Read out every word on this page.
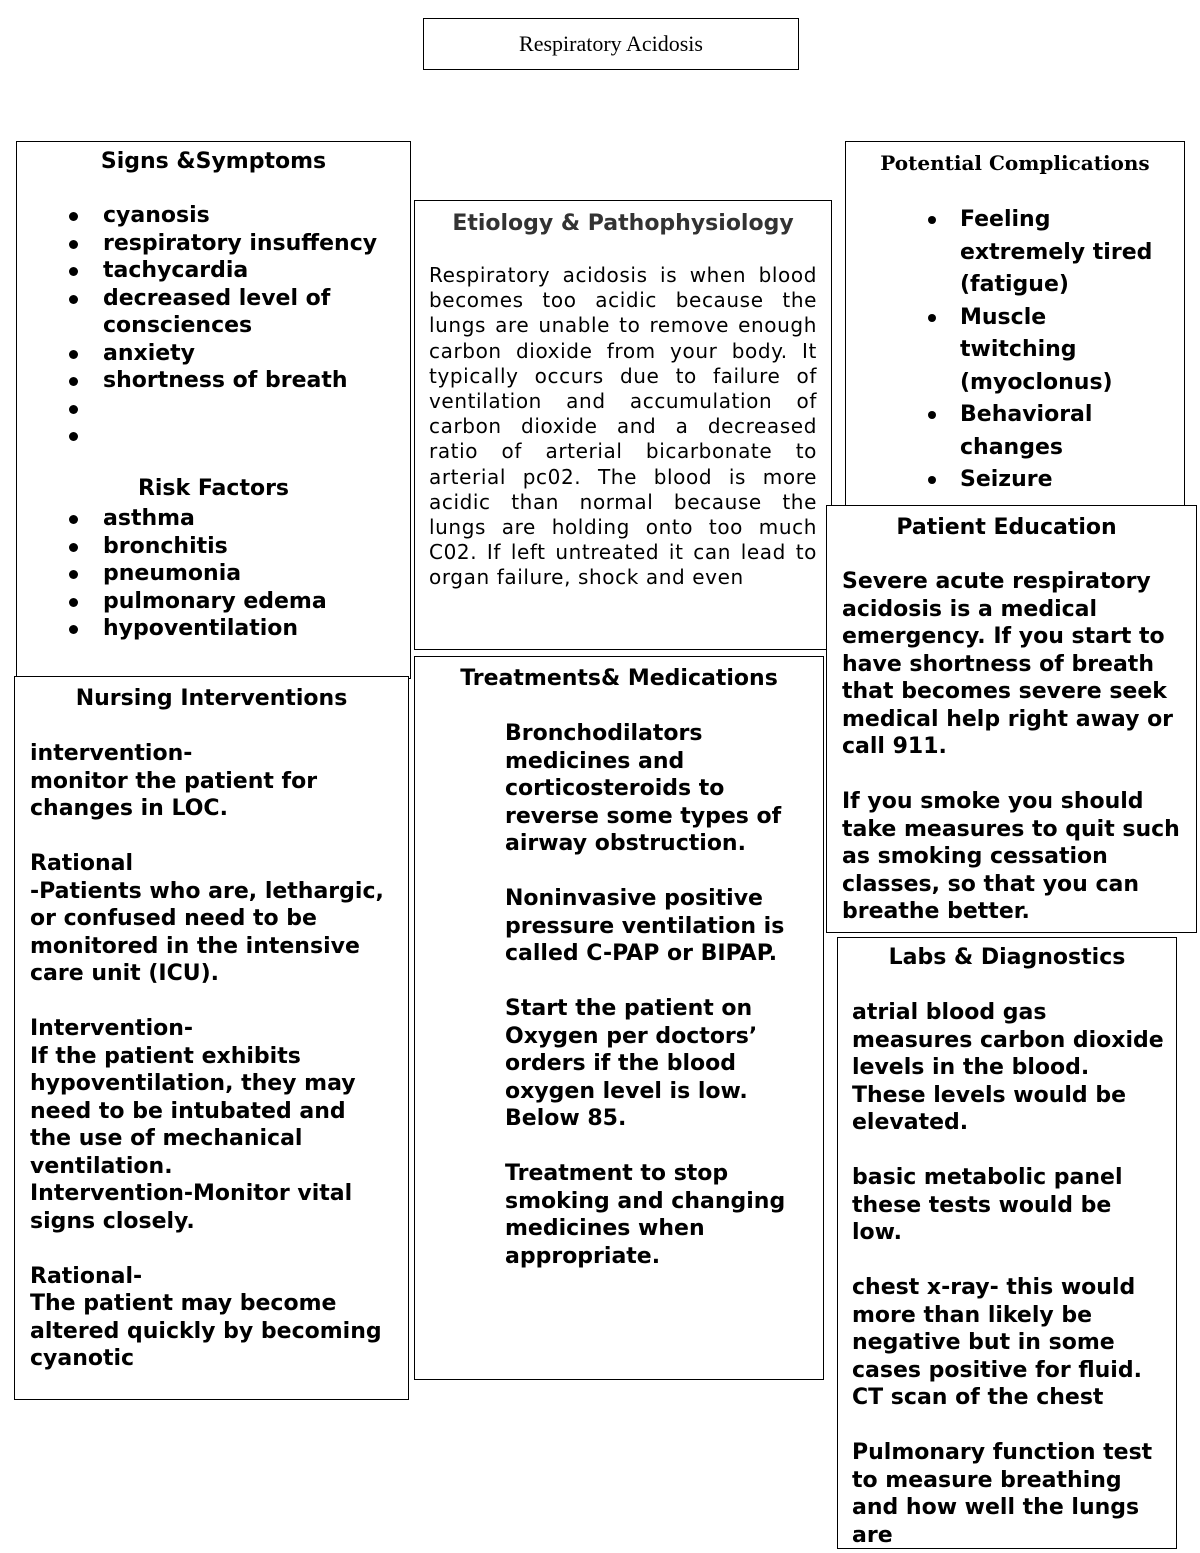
Respiratory Acidosis
Signs &Symptoms
cyanosis
respiratory insuffency
tachycardia
decreased level of consciences
anxiety
shortness of breath
Risk Factors
asthma
bronchitis
pneumonia
pulmonary edema
hypoventilation
Nursing Interventions

intervention-
monitor the patient for changes in LOC.

Rational
-Patients who are, lethargic, or confused need to be monitored in the intensive care unit (ICU).

Intervention-
If the patient exhibits hypoventilation, they may need to be intubated and the use of mechanical ventilation.
Intervention-Monitor vital signs closely.

Rational-
The patient may become altered quickly by becoming cyanotic

Etiology & Pathophysiology

Respiratory acidosis is when blood becomes too acidic because the lungs are unable to remove enough carbon dioxide from your body. It typically occurs due to failure of ventilation and accumulation of carbon dioxide and a decreased ratio of arterial bicarbonate to arterial pc02. The blood is more acidic than normal because the lungs are holding onto too much C02. If left untreated it can lead to organ failure, shock and even

Treatments& Medications

Bronchodilators medicines and corticosteroids to reverse some types of airway obstruction.

Noninvasive positive pressure ventilation is called C-PAP or BIPAP.

Start the patient on Oxygen per doctors’ orders if the blood oxygen level is low. Below 85.

Treatment to stop smoking and changing medicines when appropriate.

Potential Complications
Feeling extremely tired (fatigue)
Muscle twitching (myoclonus)
Behavioral changes
Seizure
Patient Education

Severe acute respiratory acidosis is a medical emergency. If you start to have shortness of breath that becomes severe seek medical help right away or call 911.

If you smoke you should take measures to quit such as smoking cessation classes, so that you can breathe better.

Labs & Diagnostics

atrial blood gas measures carbon dioxide levels in the blood. These levels would be elevated.

basic metabolic panel these tests would be low.

chest x-ray- this would more than likely be negative but in some cases positive for fluid.
CT scan of the chest

Pulmonary function test to measure breathing and how well the lungs are
